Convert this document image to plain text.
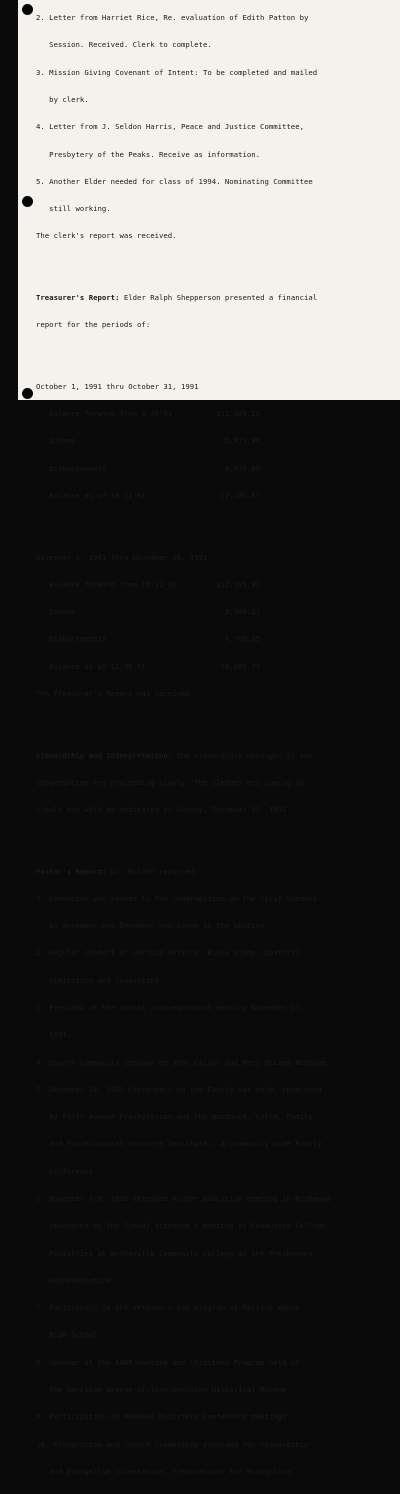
2. Letter from Harriet Rice, Re. evaluation of Edith Patton by

Session. Received. Clerk to complete.

3. Mission Giving Covenant of Intent: To be completed and mailed

by clerk.

4. Letter from J. Seldon Harris, Peace and Justice Committee,

Presbytery of the Peaks. Receive as information.

5. Another Elder needed for class of 1994. Nominating Committee

still working.

The clerk's report was received.

Treasurer's Report: Elder Ralph Shepperson presented a financial

report for the periods of:

October 1, 1991 thru October 31, 1991

Balance forward from 9-30-91          $11,309.15

Income                                  5,471.80

Disbursements                           4,675.08

Balance as of 10-31-91                 12,105.87

November 1, 1991 thru November 30, 1991

Balance forward from 10-31-91         $12,105.87

Income                                  3,540.21

Disbursements                           4,760.35

Balance as of 11-30-91                 10,885.73

The Treasurer's Report was received.

Stewardship and Interpretation: The stewardship messages to the

congregation are proceeding slowly. The pledges are coming in

slowly and will be dedicated on Sunday, December 29, 1991.

Pastor's Report: Dr. Bolden reported :

1. Communion was served to the congregation on the first Sundays

in November and December and taken to the shutins.

2. Regular conduct of worship service. Bible study, pastoral

visitation and counseling.

3. Presided at the annual congregational meeting November 17,

1991.

4. Church-community Seminar on John Calvin and Mary McLeod Bethune.

5. December 14, 1991 Conference on the Family was held, sponsored

by Fifth Avenue Presbyterian and the Guidance, Child, Family

and Psychological Services Institute...a community wide Family

Conference.

6. November 8-9, 1991 attended Higher Education meeting in Richmond

sponsored by the Synod/ attended a meeting of Community College

Ministries at Wytheville Community College as the Presbytery

Representative.

7. Participant in the Veteran's Day program at Patrick Henry

High School.

8. Speaker at the AARP meeting and Christmas Program held at

the Harrison Avenue African-American Historical Museum.

9. Participation in Roanoke Ministers Conference meetings.

10. Preparation and church leadership provided for Stewardship

and Evangelism orientation. Preparations for Evangelism
